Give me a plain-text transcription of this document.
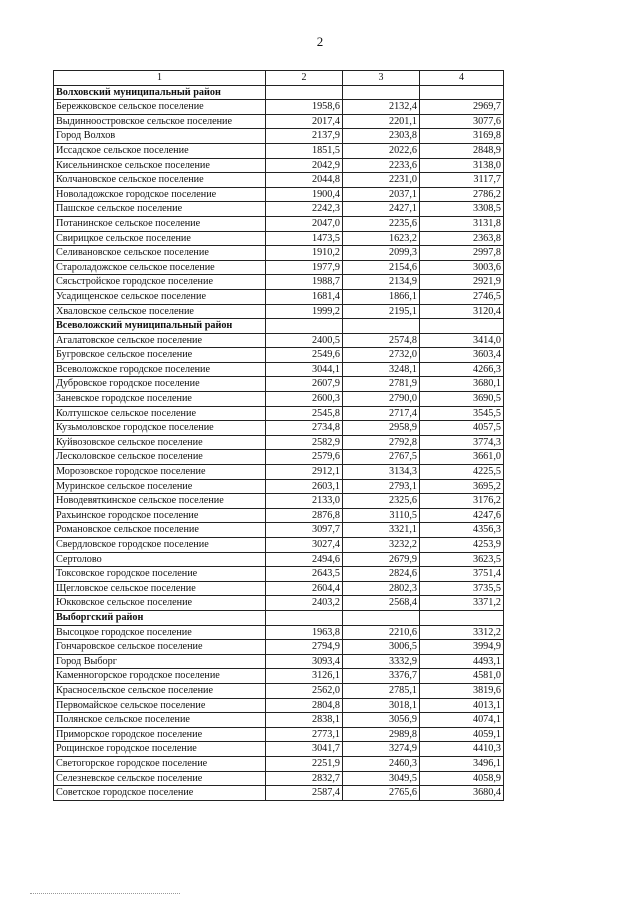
2
1	2	3	4
Волховский муниципальный район			
Бережковское сельское поселение	1958,6	2132,4	2969,7
Выдинноостровское сельское поселение	2017,4	2201,1	3077,6
Город Волхов	2137,9	2303,8	3169,8
Иссадское сельское поселение	1851,5	2022,6	2848,9
Кисельнинское сельское поселение	2042,9	2233,6	3138,0
Колчановское сельское поселение	2044,8	2231,0	3117,7
Новоладожское городское поселение	1900,4	2037,1	2786,2
Пашское сельское поселение	2242,3	2427,1	3308,5
Потанинское сельское поселение	2047,0	2235,6	3131,8
Свирицкое сельское поселение	1473,5	1623,2	2363,8
Селивановское сельское поселение	1910,2	2099,3	2997,8
Староладожское сельское поселение	1977,9	2154,6	3003,6
Сясьстройское городское поселение	1988,7	2134,9	2921,9
Усадищенское сельское поселение	1681,4	1866,1	2746,5
Хваловское сельское поселение	1999,2	2195,1	3120,4
Всеволожский муниципальный район			
Агалатовское сельское поселение	2400,5	2574,8	3414,0
Бугровское сельское поселение	2549,6	2732,0	3603,4
Всеволожское городское поселение	3044,1	3248,1	4266,3
Дубровское городское поселение	2607,9	2781,9	3680,1
Заневское городское поселение	2600,3	2790,0	3690,5
Колтушское сельское поселение	2545,8	2717,4	3545,5
Кузьмоловское городское поселение	2734,8	2958,9	4057,5
Куйвозовское сельское поселение	2582,9	2792,8	3774,3
Лесколовское сельское поселение	2579,6	2767,5	3661,0
Морозовское городское поселение	2912,1	3134,3	4225,5
Муринское сельское поселение	2603,1	2793,1	3695,2
Новодевяткинское сельское поселение	2133,0	2325,6	3176,2
Рахьинское городское поселение	2876,8	3110,5	4247,6
Романовское сельское поселение	3097,7	3321,1	4356,3
Свердловское городское поселение	3027,4	3232,2	4253,9
Сертолово	2494,6	2679,9	3623,5
Токсовское городское поселение	2643,5	2824,6	3751,4
Щегловское сельское поселение	2604,4	2802,3	3735,5
Юкковское сельское поселение	2403,2	2568,4	3371,2
Выборгский район			
Высоцкое городское поселение	1963,8	2210,6	3312,2
Гончаровское сельское поселение	2794,9	3006,5	3994,9
Город Выборг	3093,4	3332,9	4493,1
Каменногорское городское поселение	3126,1	3376,7	4581,0
Красносельское сельское поселение	2562,0	2785,1	3819,6
Первомайское сельское поселение	2804,8	3018,1	4013,1
Полянское сельское поселение	2838,1	3056,9	4074,1
Приморское городское поселение	2773,1	2989,8	4059,1
Рощинское городское поселение	3041,7	3274,9	4410,3
Светогорское городское поселение	2251,9	2460,3	3496,1
Селезневское сельское поселение	2832,7	3049,5	4058,9
Советское городское поселение	2587,4	2765,6	3680,4
